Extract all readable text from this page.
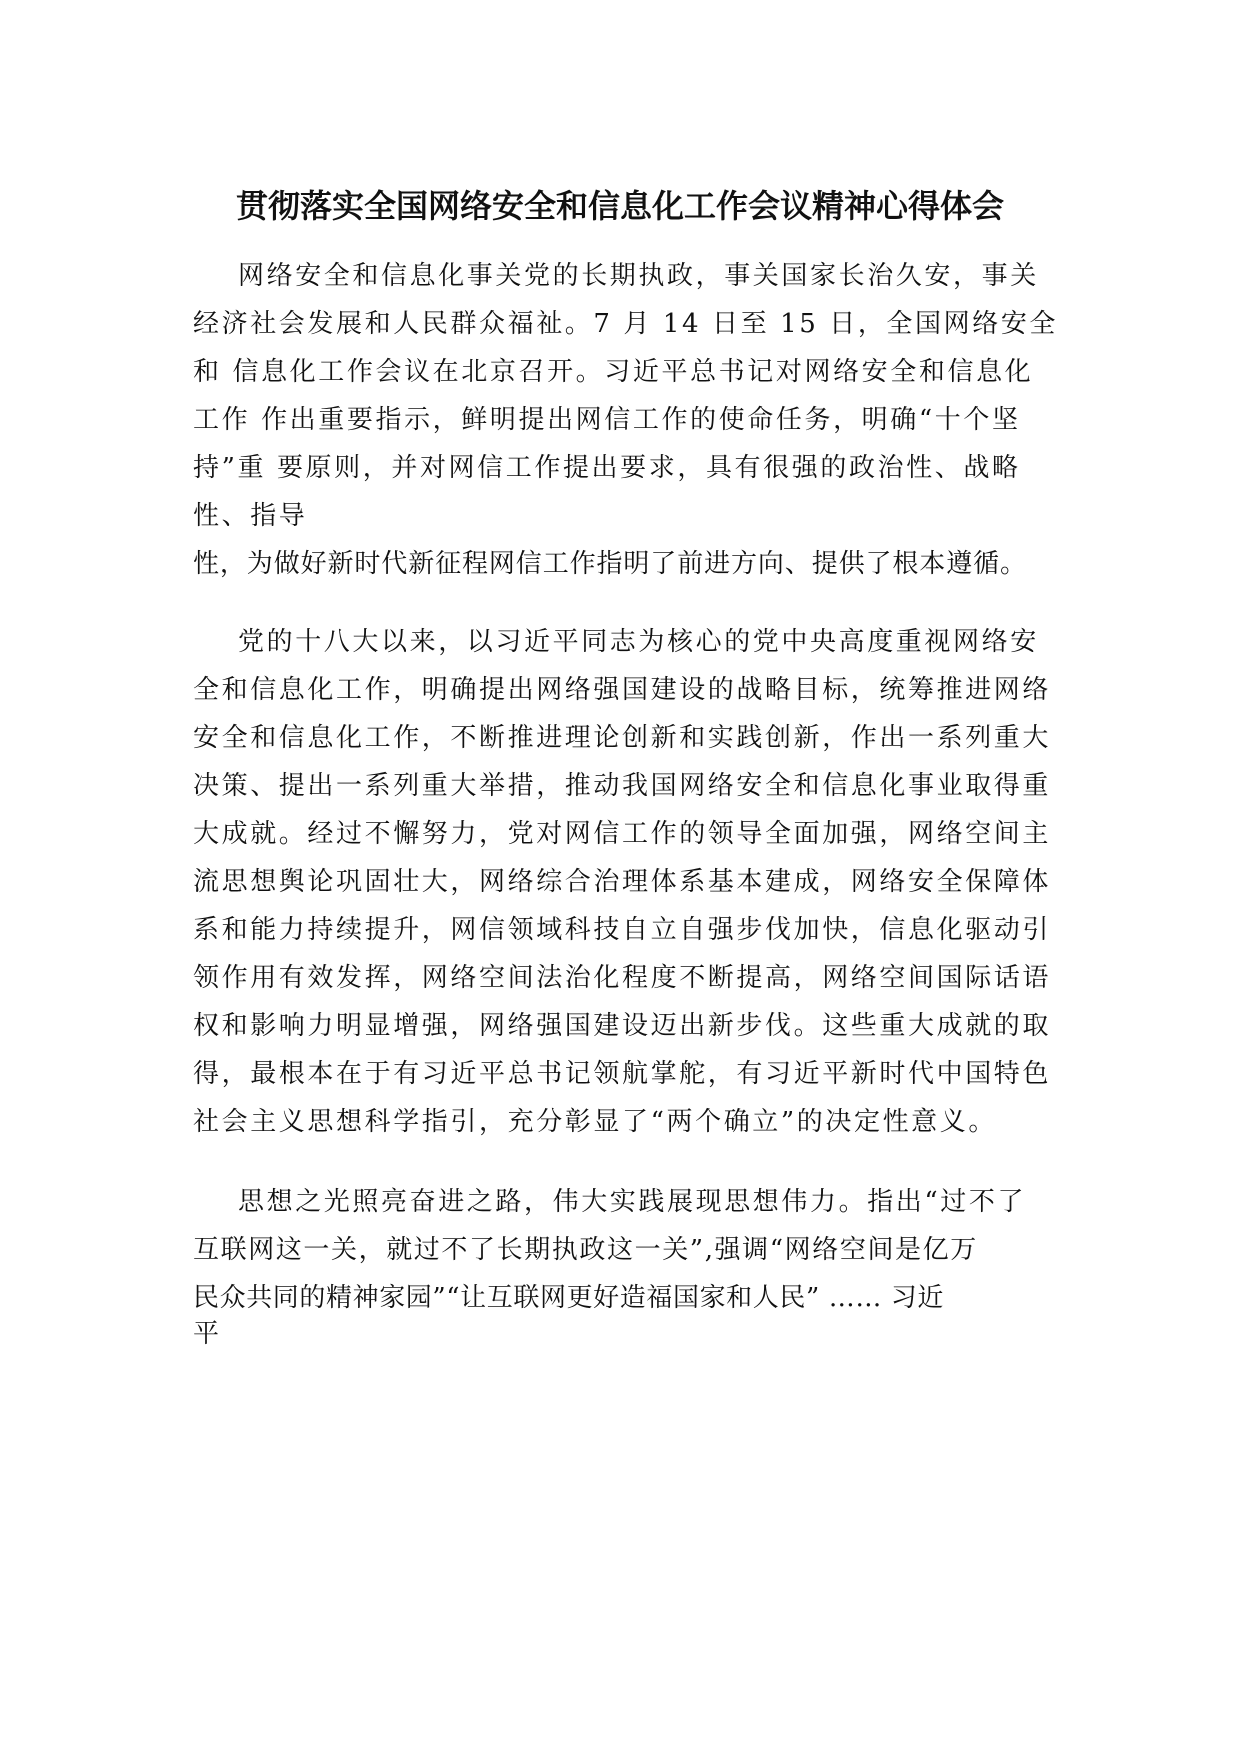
贯彻落实全国网络安全和信息化工作会议精神心得体会
网络安全和信息化事关党的长期执政，事关国家长治久安，事关
经济社会发展和人民群众福祉。7 月 14 日至 15 日，全国网络安全
和 信息化工作会议在北京召开。习近平总书记对网络安全和信息化
工作 作出重要指示，鲜明提出网信工作的使命任务，明确“十个坚
持”重 要原则，并对网信工作提出要求，具有很强的政治性、战略
性、指导
性，为做好新时代新征程网信工作指明了前进方向、提供了根本遵循。
党的十八大以来，以习近平同志为核心的党中央高度重视网络安
全和信息化工作，明确提出网络强国建设的战略目标，统筹推进网络
安全和信息化工作，不断推进理论创新和实践创新，作出一系列重大
决策、提出一系列重大举措，推动我国网络安全和信息化事业取得重
大成就。经过不懈努力，党对网信工作的领导全面加强，网络空间主
流思想舆论巩固壮大，网络综合治理体系基本建成，网络安全保障体
系和能力持续提升，网信领域科技自立自强步伐加快，信息化驱动引
领作用有效发挥，网络空间法治化程度不断提高，网络空间国际话语
权和影响力明显增强，网络强国建设迈出新步伐。这些重大成就的取
得，最根本在于有习近平总书记领航掌舵，有习近平新时代中国特色
社会主义思想科学指引，充分彰显了“两个确立”的决定性意义。
思想之光照亮奋进之路，伟大实践展现思想伟力。指出“过不了
互联网这一关，就过不了长期执政这一关”,强调“网络空间是亿万
民众共同的精神家园”“让互联网更好造福国家和人民” …… 习近
平
